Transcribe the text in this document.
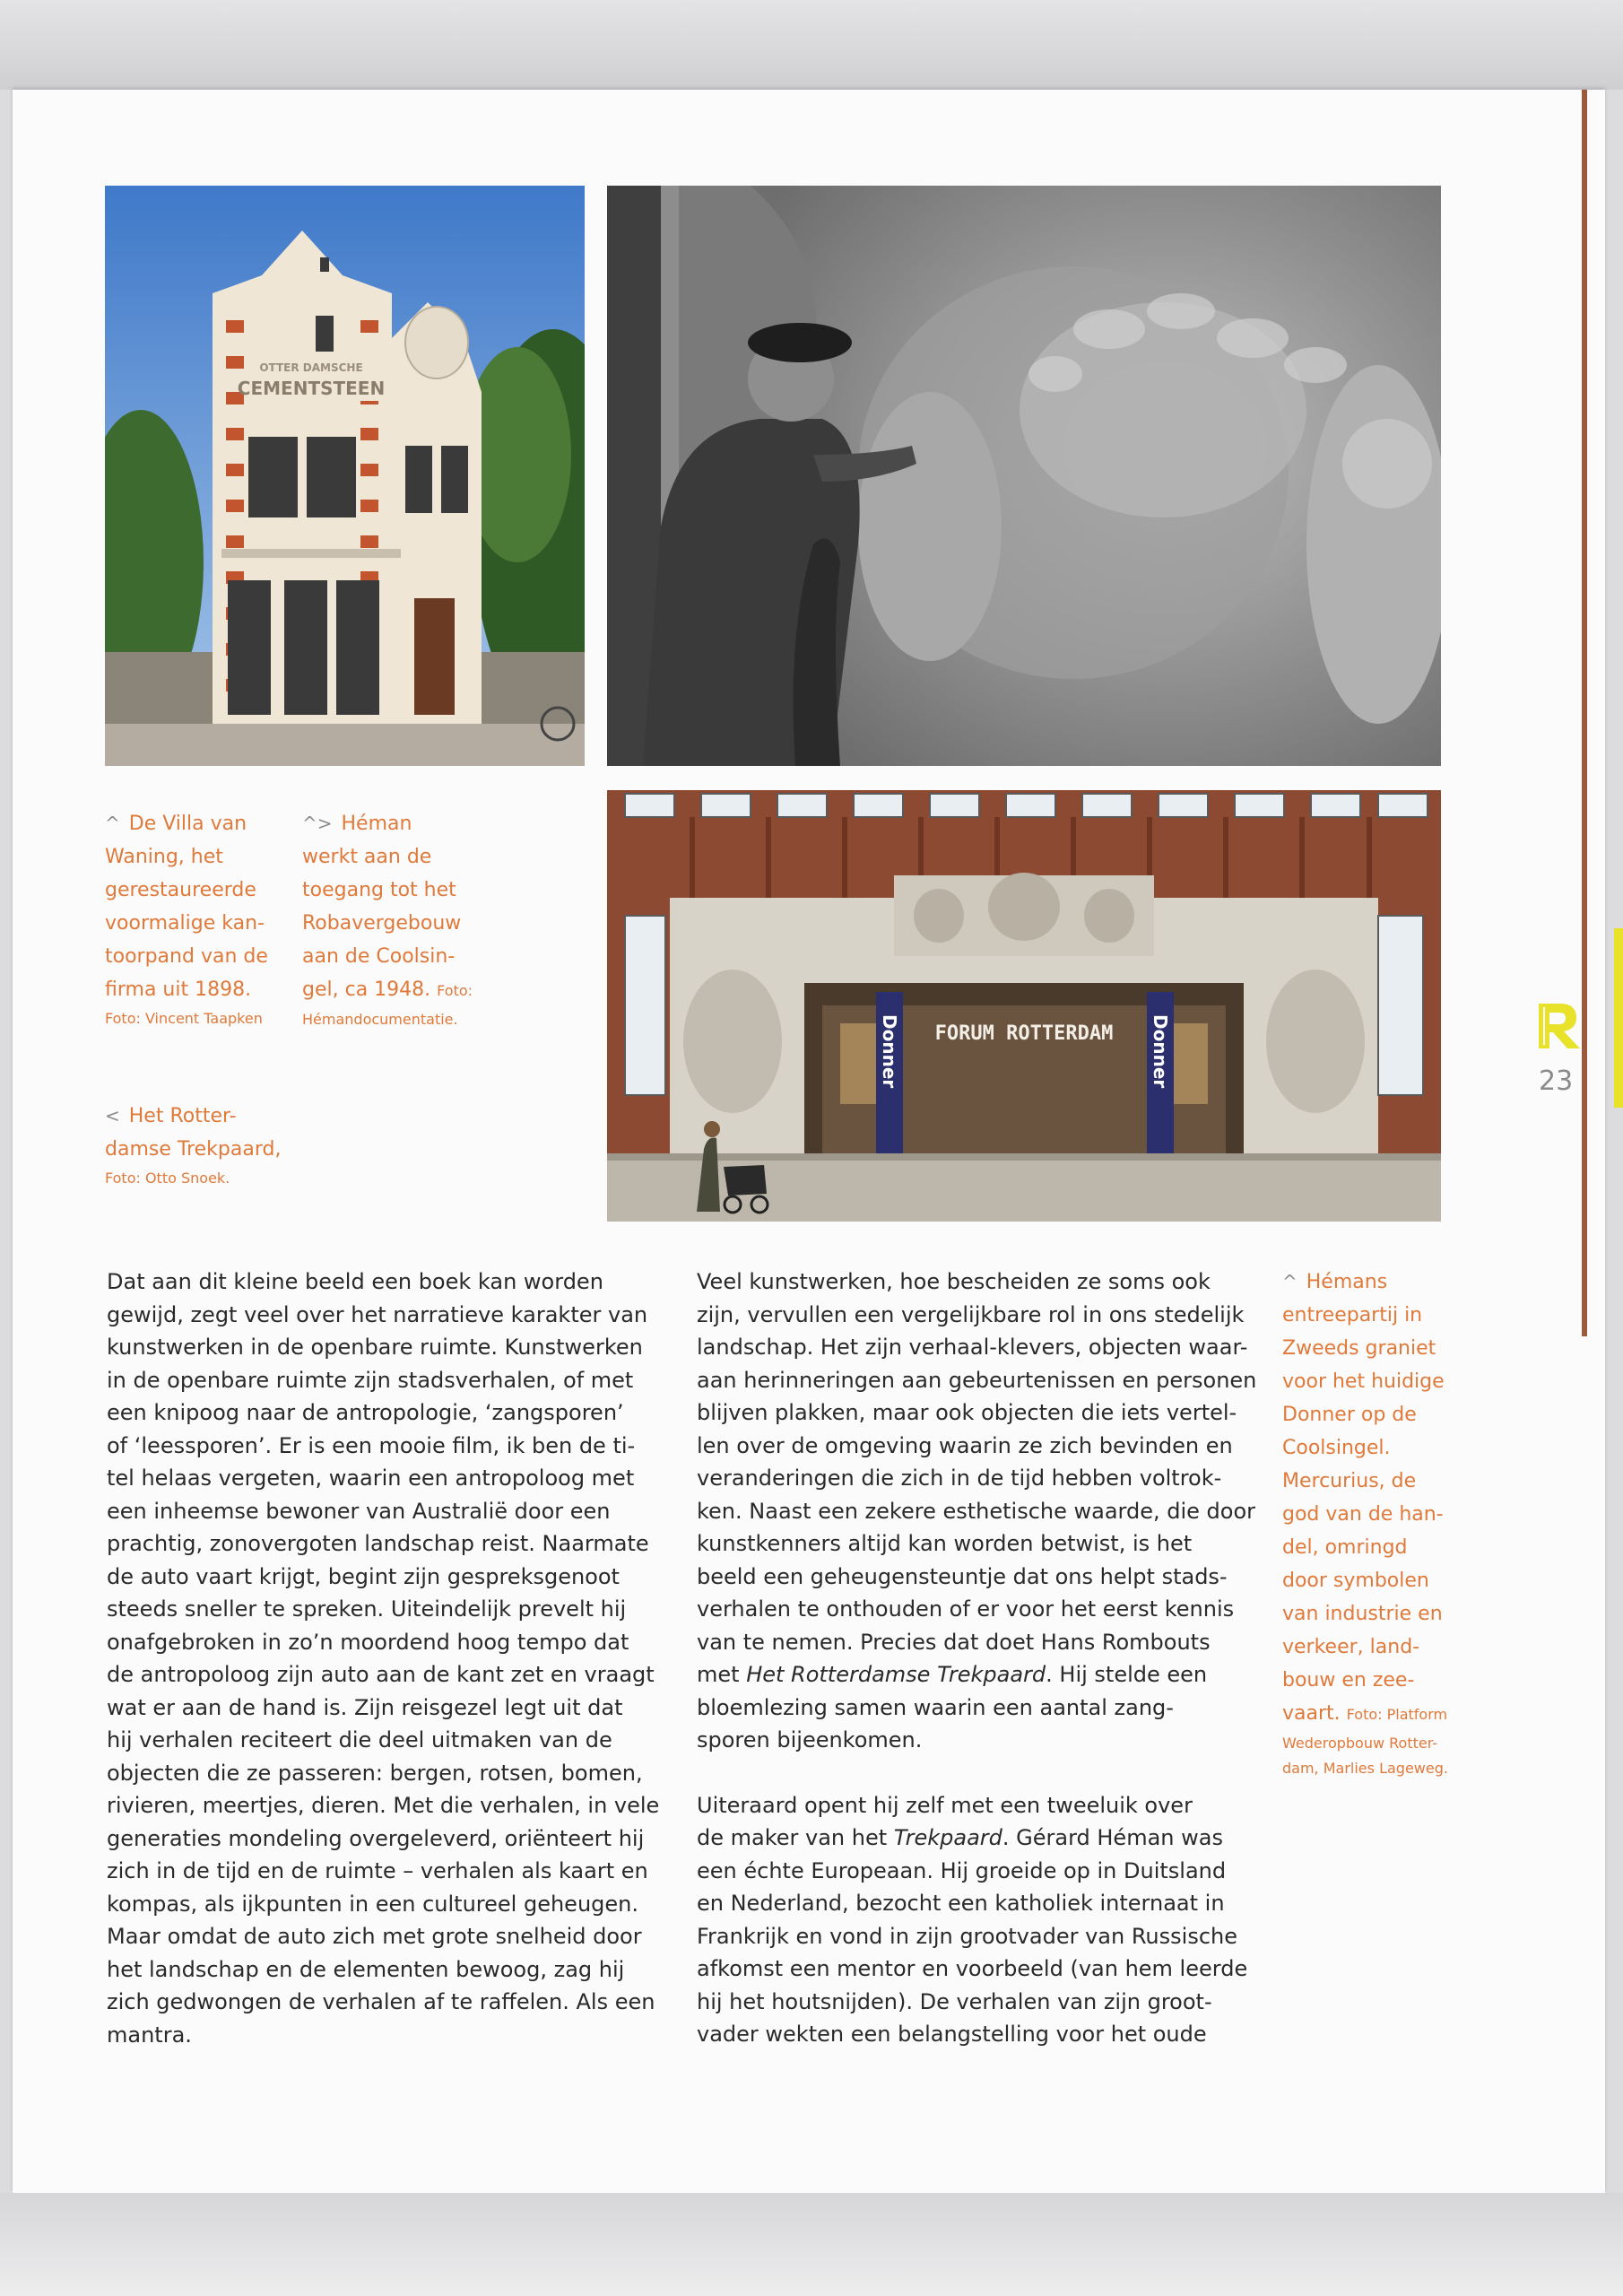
OTTER DAMSCHE
CEMENTSTEEN
FORUM ROTTERDAM
Donner	Donner
^ De Villa van
Waning, het
gerestaureerde
voormalige kan-
toorpand van de
firma uit 1898.
Foto: Vincent Taapken
^> Héman
werkt aan de
toegang tot het
Robavergebouw
aan de Coolsin-
gel, ca 1948. Foto:
Hémandocumentatie.
< Het Rotter-
damse Trekpaard,
Foto: Otto Snoek.
^ Hémans
entreepartij in
Zweeds graniet
voor het huidige
Donner op de
Coolsingel.
Mercurius, de
god van de han-
del, omringd
door symbolen
van industrie en
verkeer, land-
bouw en zee-
vaart. Foto: Platform
Wederopbouw Rotter-
dam, Marlies Lageweg.

Dat aan dit kleine beeld een boek kan worden
gewijd, zegt veel over het narratieve karakter van
kunstwerken in de openbare ruimte. Kunstwerken
in de openbare ruimte zijn stadsverhalen, of met
een knipoog naar de antropologie, ‘zangsporen’
of ‘leessporen’. Er is een mooie film, ik ben de ti-
tel helaas vergeten, waarin een antropoloog met
een inheemse bewoner van Australië door een
prachtig, zonovergoten landschap reist. Naarmate
de auto vaart krijgt, begint zijn gespreksgenoot
steeds sneller te spreken. Uiteindelijk prevelt hij
onafgebroken in zo’n moordend hoog tempo dat
de antropoloog zijn auto aan de kant zet en vraagt
wat er aan de hand is. Zijn reisgezel legt uit dat
hij verhalen reciteert die deel uitmaken van de
objecten die ze passeren: bergen, rotsen, bomen,
rivieren, meertjes, dieren. Met die verhalen, in vele
generaties mondeling overgeleverd, oriënteert hij
zich in de tijd en de ruimte – verhalen als kaart en
kompas, als ijkpunten in een cultureel geheugen.
Maar omdat de auto zich met grote snelheid door
het landschap en de elementen bewoog, zag hij
zich gedwongen de verhalen af te raffelen. Als een
mantra.

Veel kunstwerken, hoe bescheiden ze soms ook
zijn, vervullen een vergelijkbare rol in ons stedelijk
landschap. Het zijn verhaal-klevers, objecten waar-
aan herinneringen aan gebeurtenissen en personen
blijven plakken, maar ook objecten die iets vertel-
len over de omgeving waarin ze zich bevinden en
veranderingen die zich in de tijd hebben voltrok-
ken. Naast een zekere esthetische waarde, die door
kunstkenners altijd kan worden betwist, is het
beeld een geheugensteuntje dat ons helpt stads-
verhalen te onthouden of er voor het eerst kennis
van te nemen. Precies dat doet Hans Rombouts
met Het Rotterdamse Trekpaard. Hij stelde een
bloemlezing samen waarin een aantal zang-
sporen bijeenkomen.

Uiteraard opent hij zelf met een tweeluik over
de maker van het Trekpaard. Gérard Héman was
een échte Europeaan. Hij groeide op in Duitsland
en Nederland, bezocht een katholiek internaat in
Frankrijk en vond in zijn grootvader van Russische
afkomst een mentor en voorbeeld (van hem leerde
hij het houtsnijden). De verhalen van zijn groot-
vader wekten een belangstelling voor het oude

23
